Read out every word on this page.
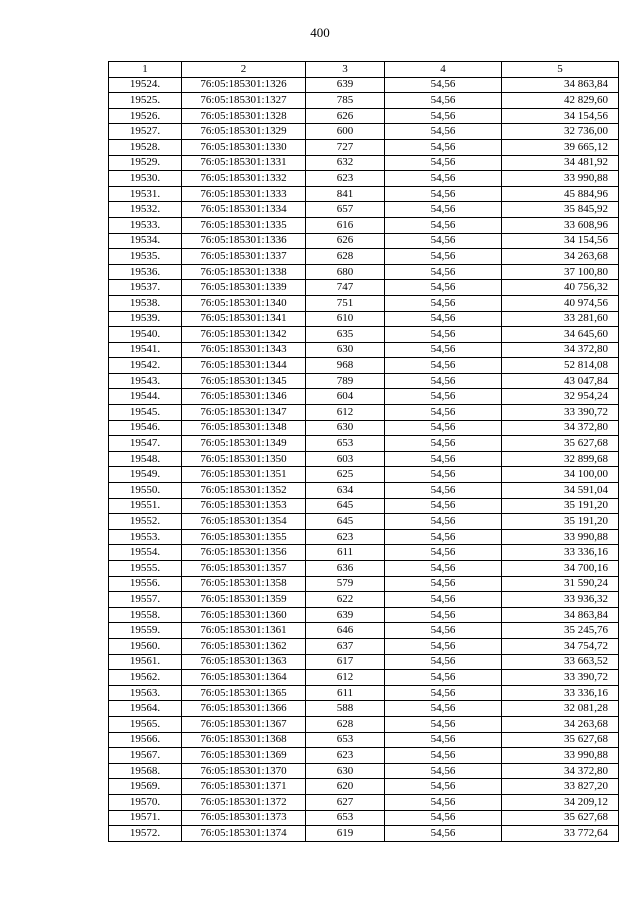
400
1	2	3	4	5
19524.	76:05:185301:1326	639	54,56	34 863,84
19525.	76:05:185301:1327	785	54,56	42 829,60
19526.	76:05:185301:1328	626	54,56	34 154,56
19527.	76:05:185301:1329	600	54,56	32 736,00
19528.	76:05:185301:1330	727	54,56	39 665,12
19529.	76:05:185301:1331	632	54,56	34 481,92
19530.	76:05:185301:1332	623	54,56	33 990,88
19531.	76:05:185301:1333	841	54,56	45 884,96
19532.	76:05:185301:1334	657	54,56	35 845,92
19533.	76:05:185301:1335	616	54,56	33 608,96
19534.	76:05:185301:1336	626	54,56	34 154,56
19535.	76:05:185301:1337	628	54,56	34 263,68
19536.	76:05:185301:1338	680	54,56	37 100,80
19537.	76:05:185301:1339	747	54,56	40 756,32
19538.	76:05:185301:1340	751	54,56	40 974,56
19539.	76:05:185301:1341	610	54,56	33 281,60
19540.	76:05:185301:1342	635	54,56	34 645,60
19541.	76:05:185301:1343	630	54,56	34 372,80
19542.	76:05:185301:1344	968	54,56	52 814,08
19543.	76:05:185301:1345	789	54,56	43 047,84
19544.	76:05:185301:1346	604	54,56	32 954,24
19545.	76:05:185301:1347	612	54,56	33 390,72
19546.	76:05:185301:1348	630	54,56	34 372,80
19547.	76:05:185301:1349	653	54,56	35 627,68
19548.	76:05:185301:1350	603	54,56	32 899,68
19549.	76:05:185301:1351	625	54,56	34 100,00
19550.	76:05:185301:1352	634	54,56	34 591,04
19551.	76:05:185301:1353	645	54,56	35 191,20
19552.	76:05:185301:1354	645	54,56	35 191,20
19553.	76:05:185301:1355	623	54,56	33 990,88
19554.	76:05:185301:1356	611	54,56	33 336,16
19555.	76:05:185301:1357	636	54,56	34 700,16
19556.	76:05:185301:1358	579	54,56	31 590,24
19557.	76:05:185301:1359	622	54,56	33 936,32
19558.	76:05:185301:1360	639	54,56	34 863,84
19559.	76:05:185301:1361	646	54,56	35 245,76
19560.	76:05:185301:1362	637	54,56	34 754,72
19561.	76:05:185301:1363	617	54,56	33 663,52
19562.	76:05:185301:1364	612	54,56	33 390,72
19563.	76:05:185301:1365	611	54,56	33 336,16
19564.	76:05:185301:1366	588	54,56	32 081,28
19565.	76:05:185301:1367	628	54,56	34 263,68
19566.	76:05:185301:1368	653	54,56	35 627,68
19567.	76:05:185301:1369	623	54,56	33 990,88
19568.	76:05:185301:1370	630	54,56	34 372,80
19569.	76:05:185301:1371	620	54,56	33 827,20
19570.	76:05:185301:1372	627	54,56	34 209,12
19571.	76:05:185301:1373	653	54,56	35 627,68
19572.	76:05:185301:1374	619	54,56	33 772,64
